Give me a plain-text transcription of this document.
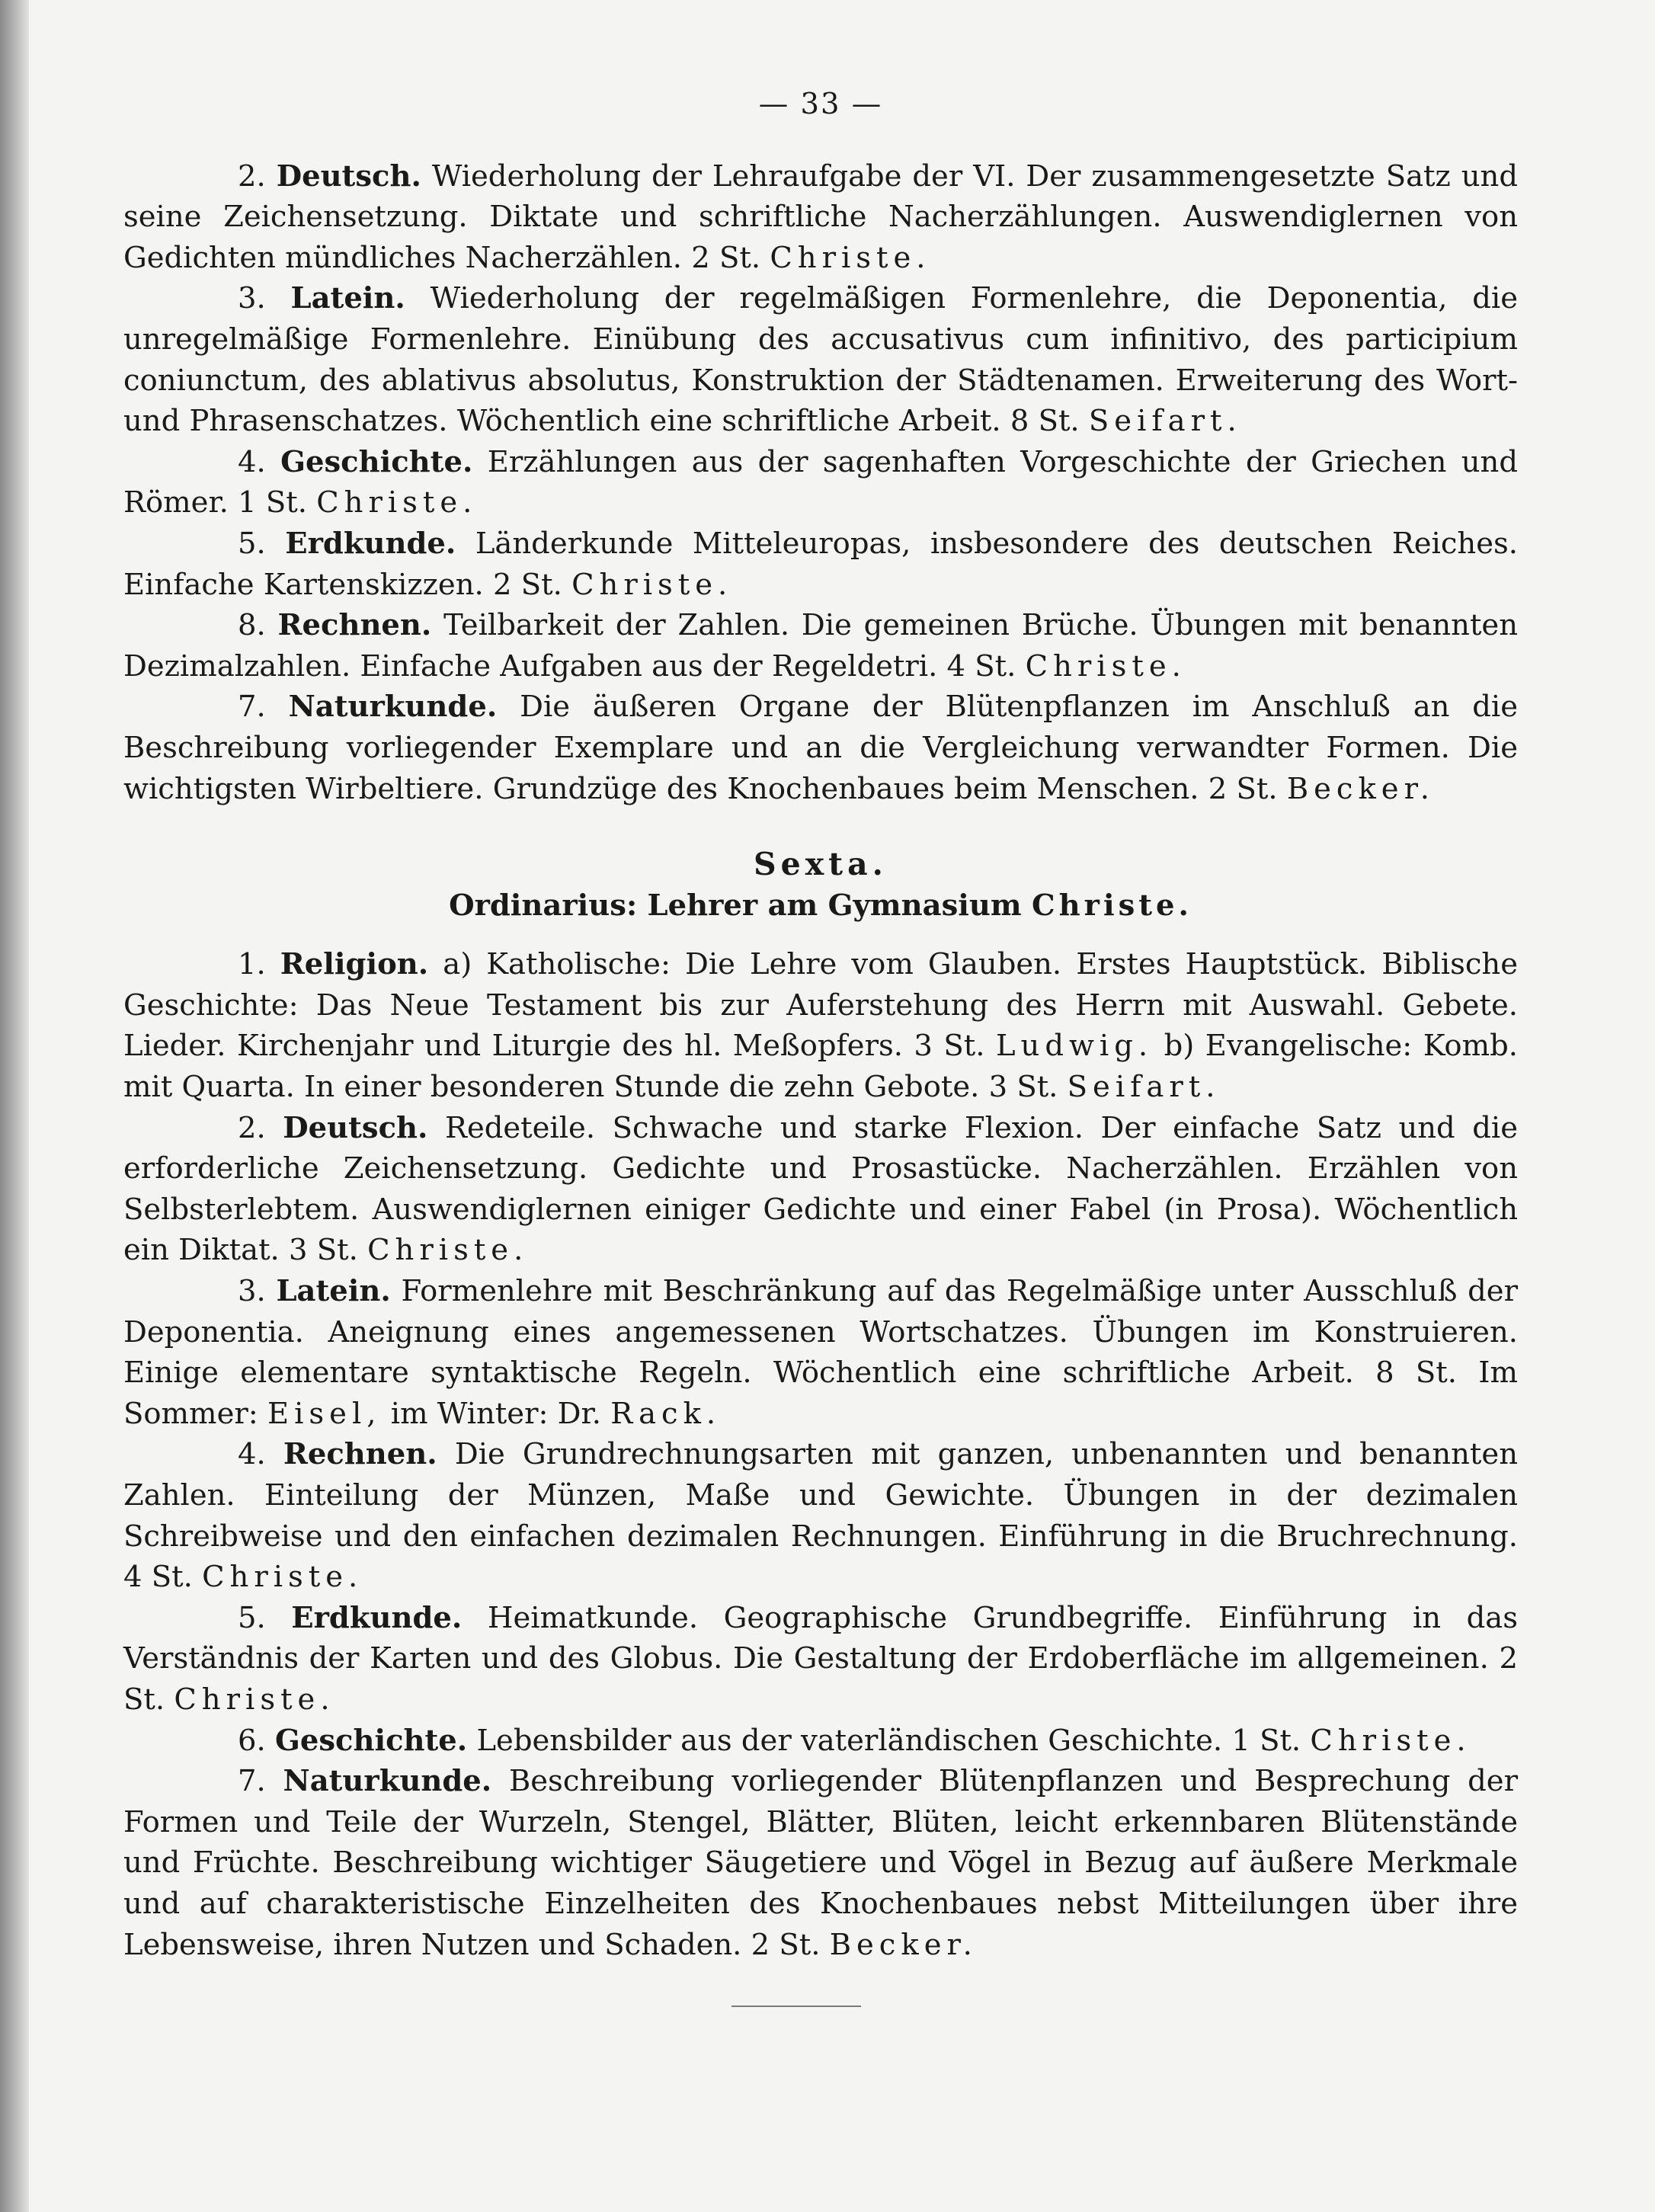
— 33 —

2. Deutsch. Wiederholung der Lehraufgabe der VI. Der zusammengesetzte Satz und seine Zeichensetzung. Diktate und schriftliche Nacherzählungen. Auswendiglernen von Gedichten mündliches Nacherzählen. 2 St. Christe.

3. Latein. Wiederholung der regelmäßigen Formenlehre, die Deponentia, die unregelmäßige Formenlehre. Einübung des accusativus cum infinitivo, des participium coniunctum, des ablativus absolutus, Konstruktion der Städtenamen. Erweiterung des Wort- und Phrasenschatzes. Wöchentlich eine schriftliche Arbeit. 8 St. Seifart.

4. Geschichte. Erzählungen aus der sagenhaften Vorgeschichte der Griechen und Römer. 1 St. Christe.

5. Erdkunde. Länderkunde Mitteleuropas, insbesondere des deutschen Reiches. Einfache Kartenskizzen. 2 St. Christe.

8. Rechnen. Teilbarkeit der Zahlen. Die gemeinen Brüche. Übungen mit benannten Dezimalzahlen. Einfache Aufgaben aus der Regeldetri. 4 St. Christe.

7. Naturkunde. Die äußeren Organe der Blütenpflanzen im Anschluß an die Beschreibung vorliegender Exemplare und an die Vergleichung verwandter Formen. Die wichtigsten Wirbeltiere. Grundzüge des Knochenbaues beim Menschen. 2 St. Becker.

Sexta.
Ordinarius: Lehrer am Gymnasium Christe.

1. Religion. a) Katholische: Die Lehre vom Glauben. Erstes Hauptstück. Biblische Geschichte: Das Neue Testament bis zur Auferstehung des Herrn mit Auswahl. Gebete. Lieder. Kirchenjahr und Liturgie des hl. Meßopfers. 3 St. Ludwig. b) Evangelische: Komb. mit Quarta. In einer besonderen Stunde die zehn Gebote. 3 St. Seifart.

2. Deutsch. Redeteile. Schwache und starke Flexion. Der einfache Satz und die erforderliche Zeichensetzung. Gedichte und Prosastücke. Nacherzählen. Erzählen von Selbsterlebtem. Auswendiglernen einiger Gedichte und einer Fabel (in Prosa). Wöchentlich ein Diktat. 3 St. Christe.

3. Latein. Formenlehre mit Beschränkung auf das Regelmäßige unter Ausschluß der Deponentia. Aneignung eines angemessenen Wortschatzes. Übungen im Konstruieren. Einige elementare syntaktische Regeln. Wöchentlich eine schriftliche Arbeit. 8 St. Im Sommer: Eisel, im Winter: Dr. Rack.

4. Rechnen. Die Grundrechnungsarten mit ganzen, unbenannten und benannten Zahlen. Einteilung der Münzen, Maße und Gewichte. Übungen in der dezimalen Schreibweise und den einfachen dezimalen Rechnungen. Einführung in die Bruchrechnung. 4 St. Christe.

5. Erdkunde. Heimatkunde. Geographische Grundbegriffe. Einführung in das Verständnis der Karten und des Globus. Die Gestaltung der Erdoberfläche im allgemeinen. 2 St. Christe.

6. Geschichte. Lebensbilder aus der vaterländischen Geschichte. 1 St. Christe.

7. Naturkunde. Beschreibung vorliegender Blütenpflanzen und Besprechung der Formen und Teile der Wurzeln, Stengel, Blätter, Blüten, leicht erkennbaren Blütenstände und Früchte. Beschreibung wichtiger Säugetiere und Vögel in Bezug auf äußere Merkmale und auf charakteristische Einzelheiten des Knochenbaues nebst Mitteilungen über ihre Lebensweise, ihren Nutzen und Schaden. 2 St. Becker.
